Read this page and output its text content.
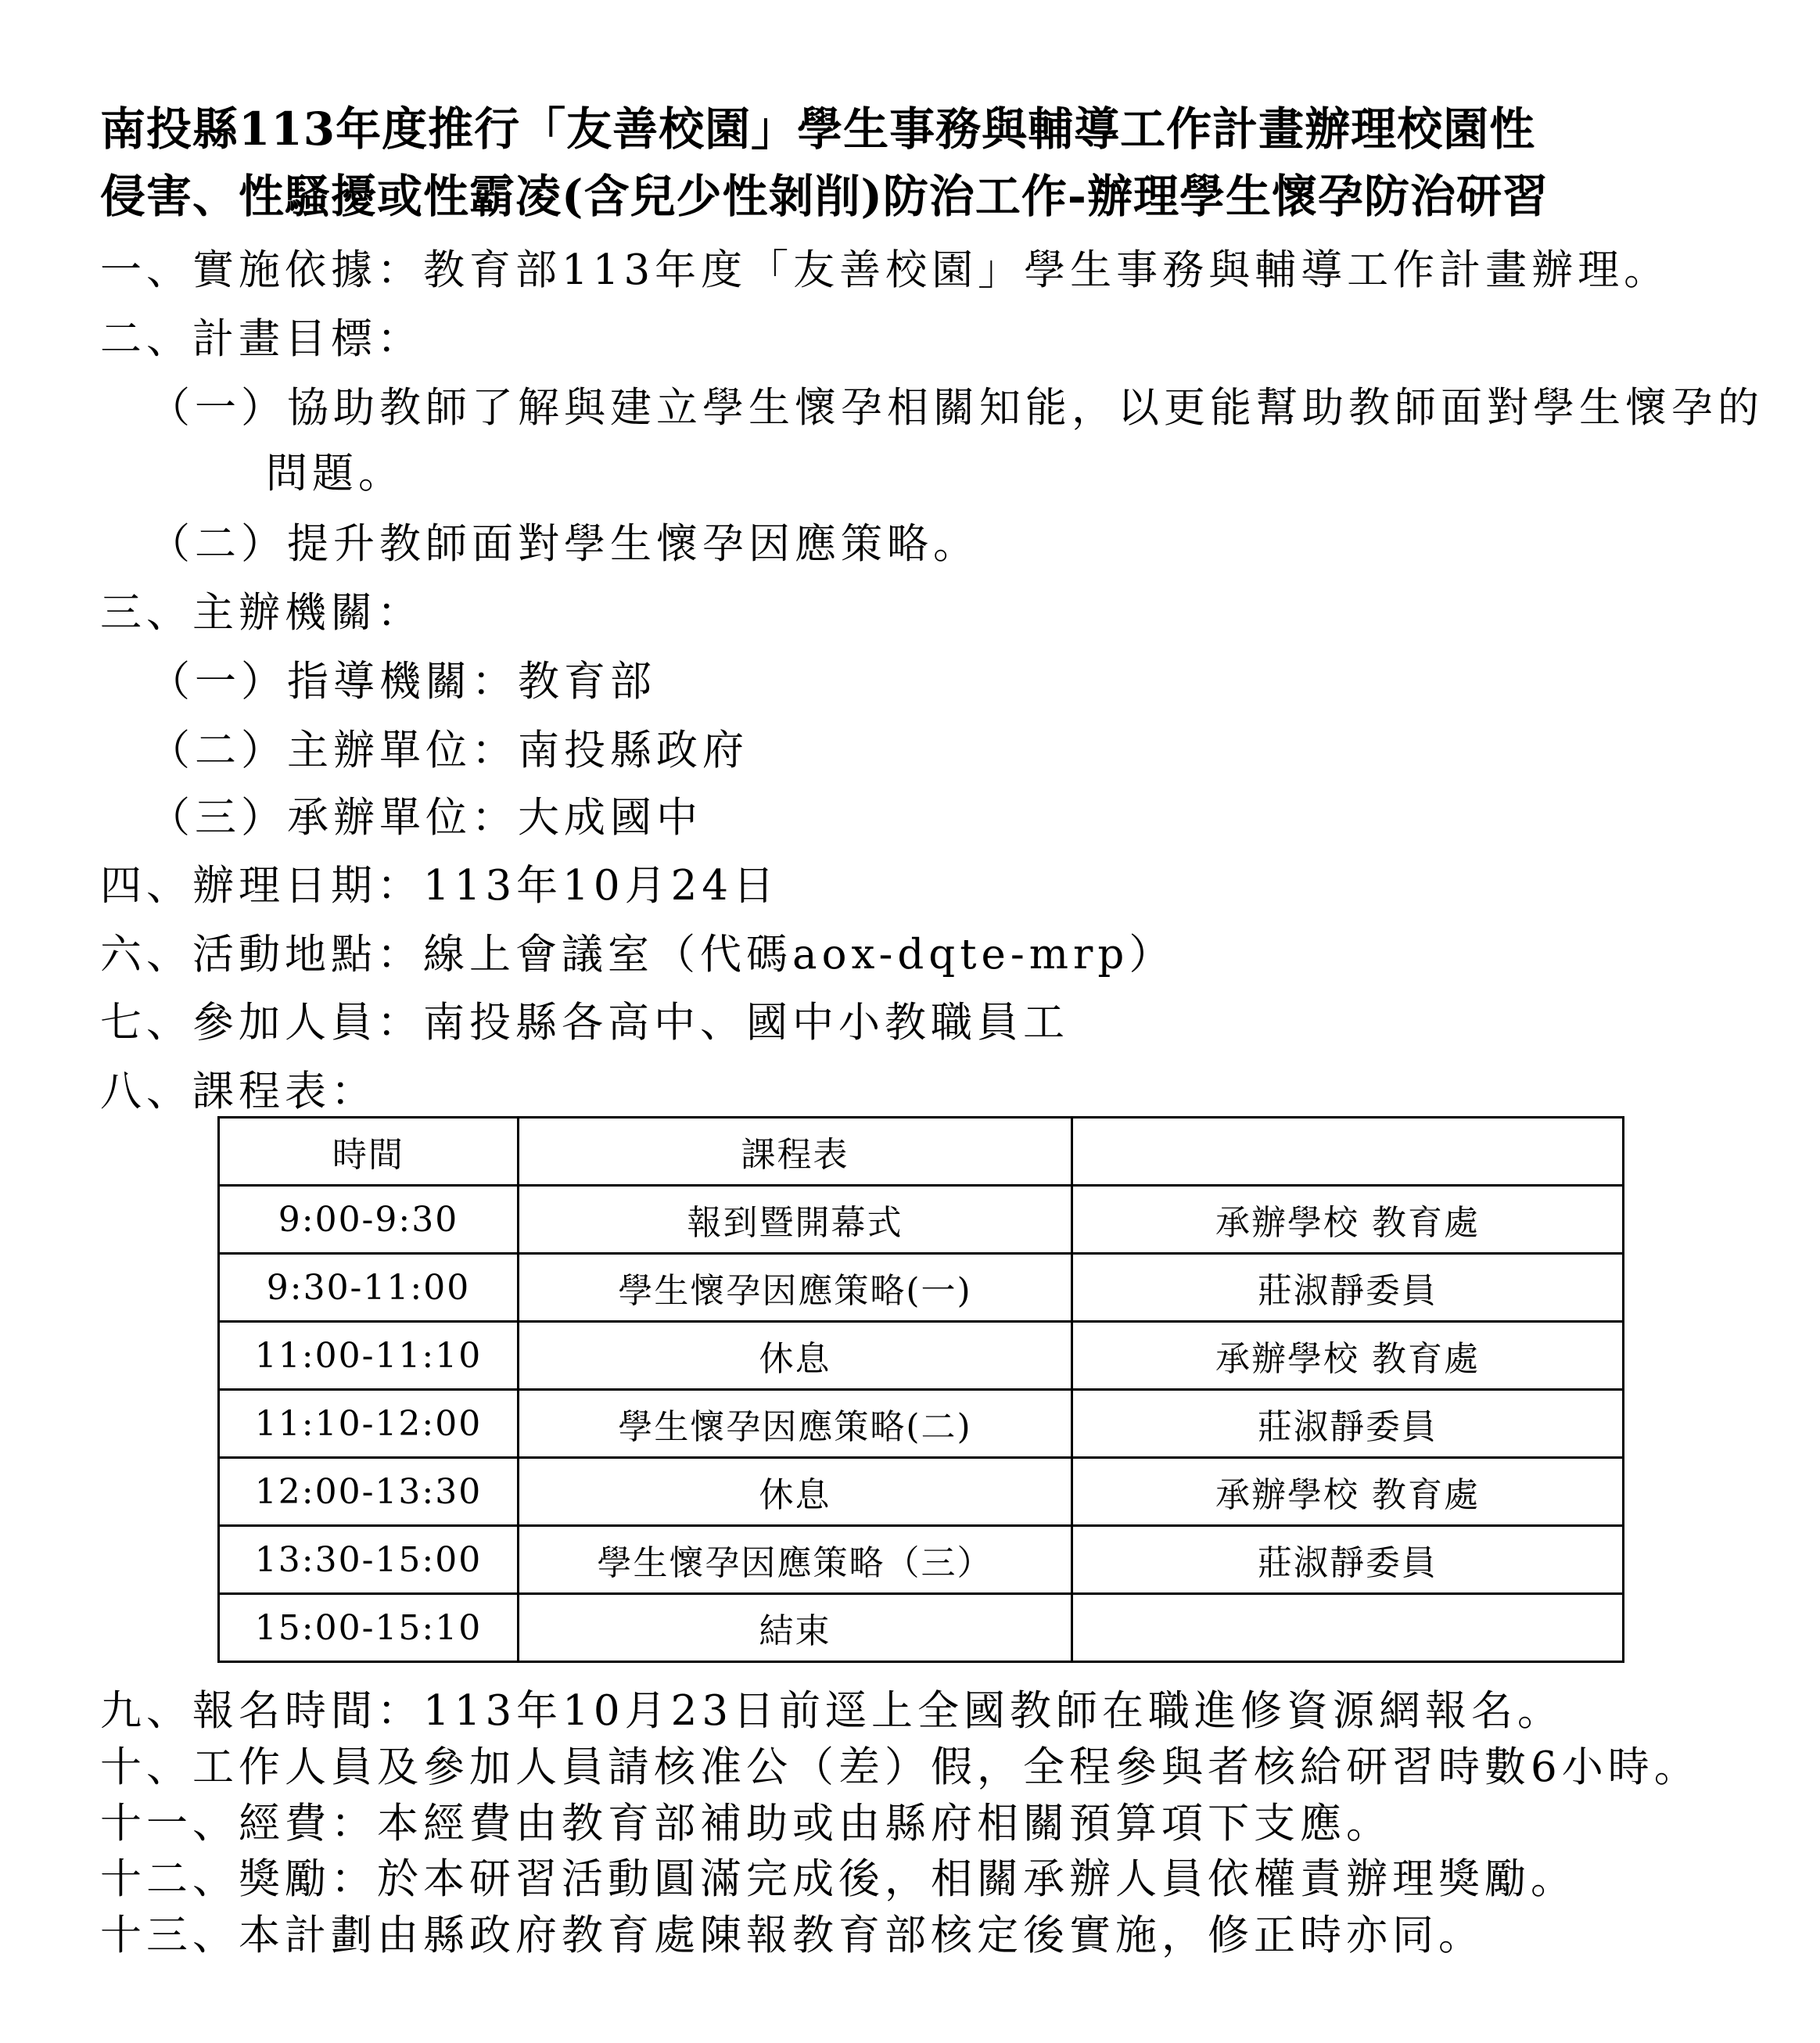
南投縣113年度推行「友善校園」學生事務與輔導工作計畫辦理校園性
侵害、性騷擾或性霸凌(含兒少性剝削)防治工作-辦理學生懷孕防治研習
一、實施依據：教育部113年度「友善校園」學生事務與輔導工作計畫辦理。
二、計畫目標：
（一）協助教師了解與建立學生懷孕相關知能，以更能幫助教師面對學生懷孕的
問題。
（二）提升教師面對學生懷孕因應策略。
三、主辦機關：
（一）指導機關：教育部
（二）主辦單位：南投縣政府
（三）承辦單位：大成國中
四、辦理日期：113年10月24日
六、活動地點：線上會議室（代碼aox-dqte-mrp）
七、參加人員：南投縣各高中、國中小教職員工
八、課程表：
時間	課程表	
9:00-9:30	報到暨開幕式	承辦學校 教育處
9:30-11:00	學生懷孕因應策略(一)	莊淑靜委員
11:00-11:10	休息	承辦學校 教育處
11:10-12:00	學生懷孕因應策略(二)	莊淑靜委員
12:00-13:30	休息	承辦學校 教育處
13:30-15:00	學生懷孕因應策略（三）	莊淑靜委員
15:00-15:10	結束	
九、報名時間：113年10月23日前逕上全國教師在職進修資源網報名。
十、工作人員及參加人員請核准公（差）假，全程參與者核給研習時數6小時。
十一、經費：本經費由教育部補助或由縣府相關預算項下支應。
十二、獎勵：於本研習活動圓滿完成後，相關承辦人員依權責辦理獎勵。
十三、本計劃由縣政府教育處陳報教育部核定後實施，修正時亦同。
